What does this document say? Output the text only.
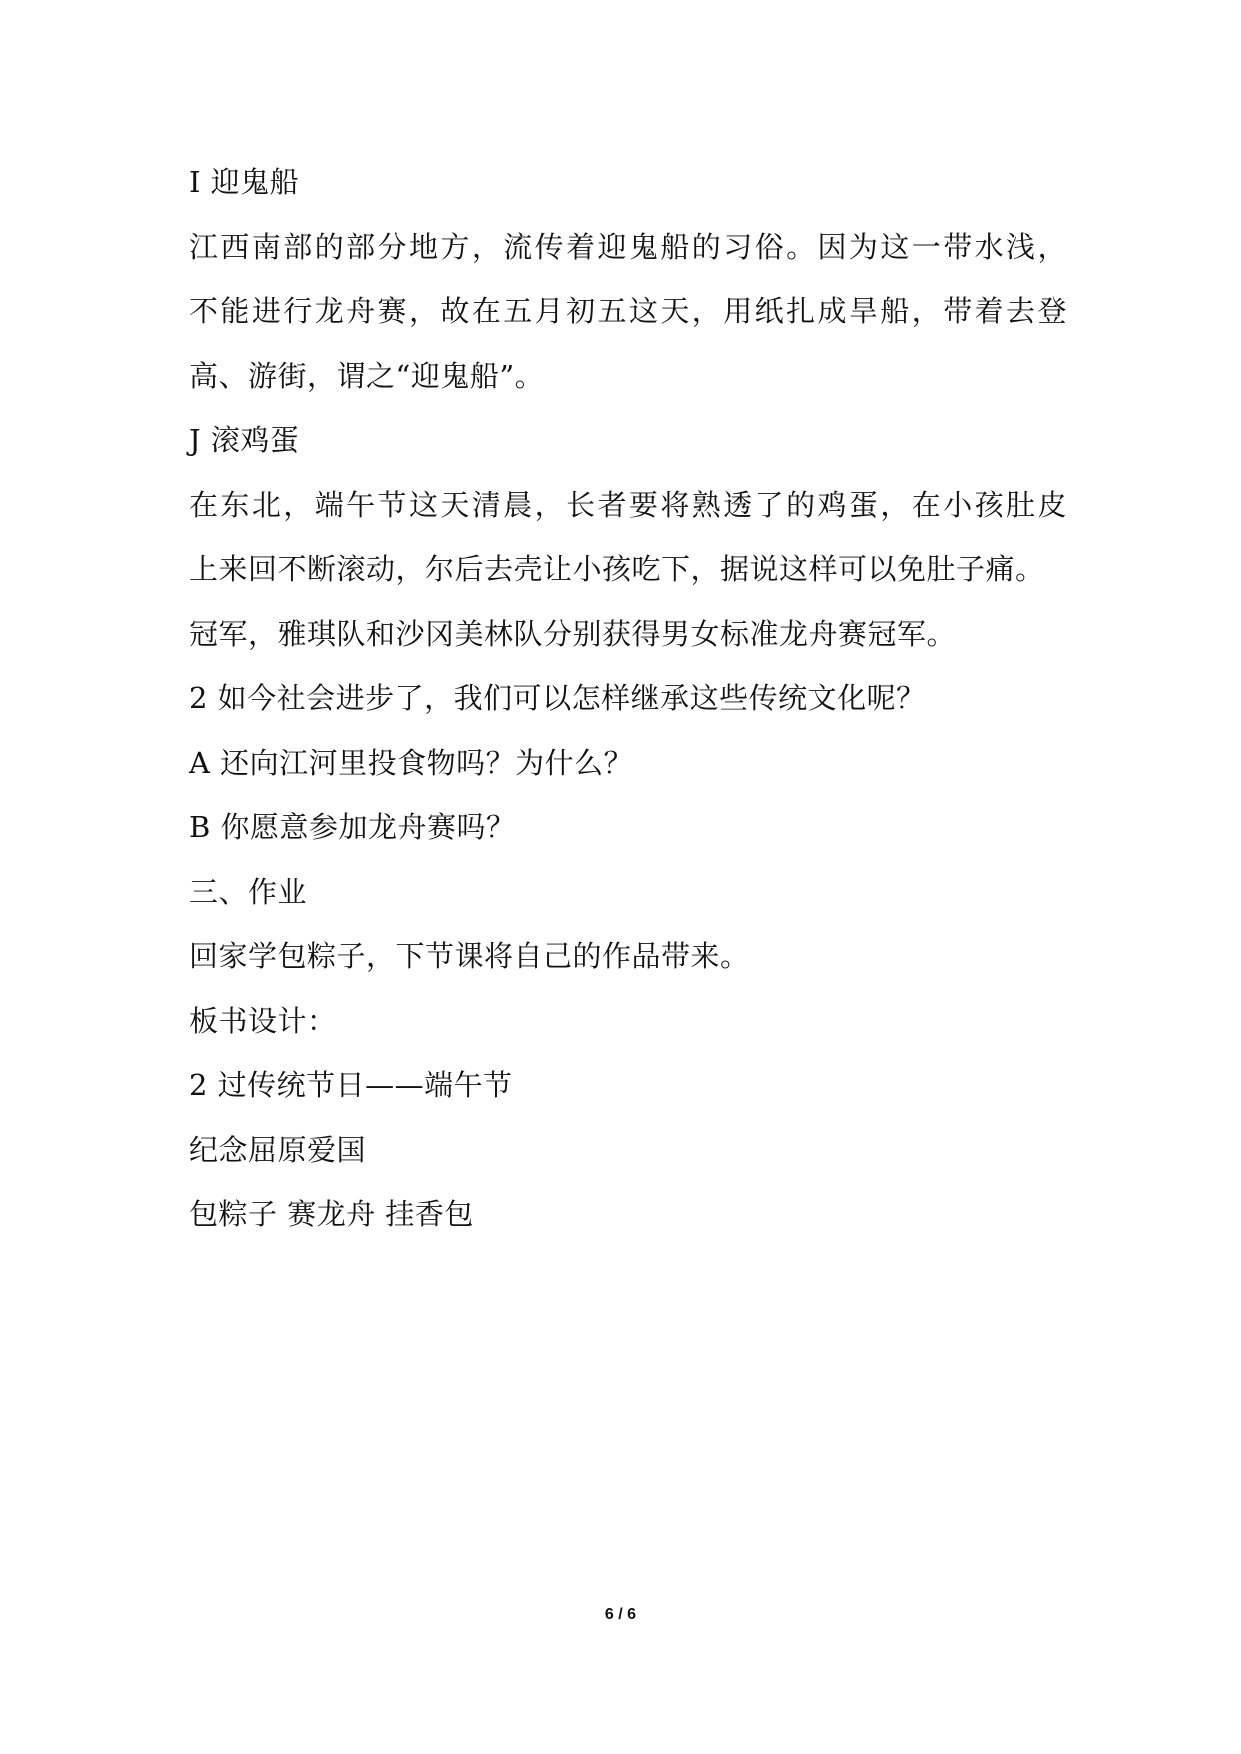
I 迎鬼船
江西南部的部分地方，流传着迎鬼船的习俗。因为这一带水浅，
不能进行龙舟赛，故在五月初五这天，用纸扎成旱船，带着去登
高、游街，谓之“迎鬼船”。
J 滚鸡蛋
在东北，端午节这天清晨，长者要将熟透了的鸡蛋，在小孩肚皮
上来回不断滚动，尔后去壳让小孩吃下，据说这样可以免肚子痛。
冠军，雅琪队和沙冈美林队分别获得男女标准龙舟赛冠军。
2 如今社会进步了，我们可以怎样继承这些传统文化呢？
A 还向江河里投食物吗？为什么？
B 你愿意参加龙舟赛吗？
三、作业
回家学包粽子，下节课将自己的作品带来。
板书设计：
2 过传统节日——端午节
纪念屈原爱国
包粽子 赛龙舟 挂香包
6 / 6
